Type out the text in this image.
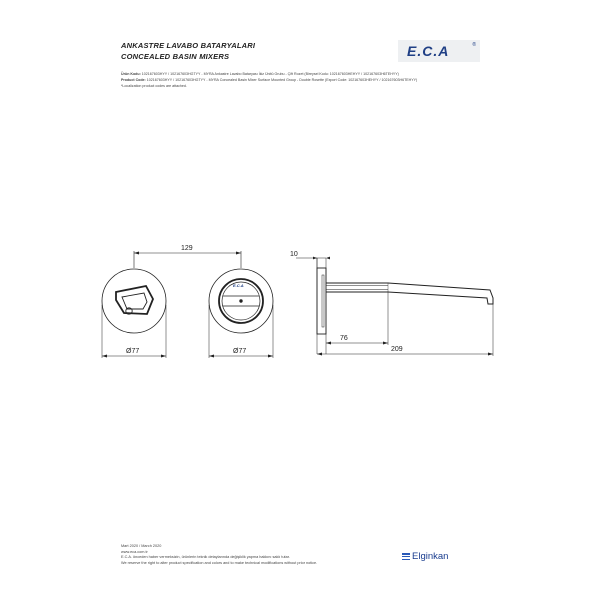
ANKASTRE LAVABO BATARYALARI
CONCEALED BASIN MIXERS	E.C.A	®
Ürün Kodu: 102167603HYY / 102167603HGTYY - MYRA Ankastre Lavabo Bataryası İkiz Ünitü Grubu - Çift Rozet (Bireysel Kodu: 102167603HEHYY / 102167603H6TEHYY)
Product Code: 102167603HYY / 102167603HGTYY - MYRA Concealed Basin Mixer Surface Mounted Group - Double Rosette (Export Code: 102167603HEHYY / 102167603H6TEHYY)
*Localization product codes are attached.
E.C.A
129
Ø77	Ø77
10
76
209
Mart 2020 / March 2020
www.eca.com.tr
E.C.A. önceden haber vermeksizin, ürünlerin teknik detaylarında değişiklik yapma hakkını saklı tutar.
We reserve the right to alter product specification and colors and to make technical modifications without prior notice.
Elginkan
